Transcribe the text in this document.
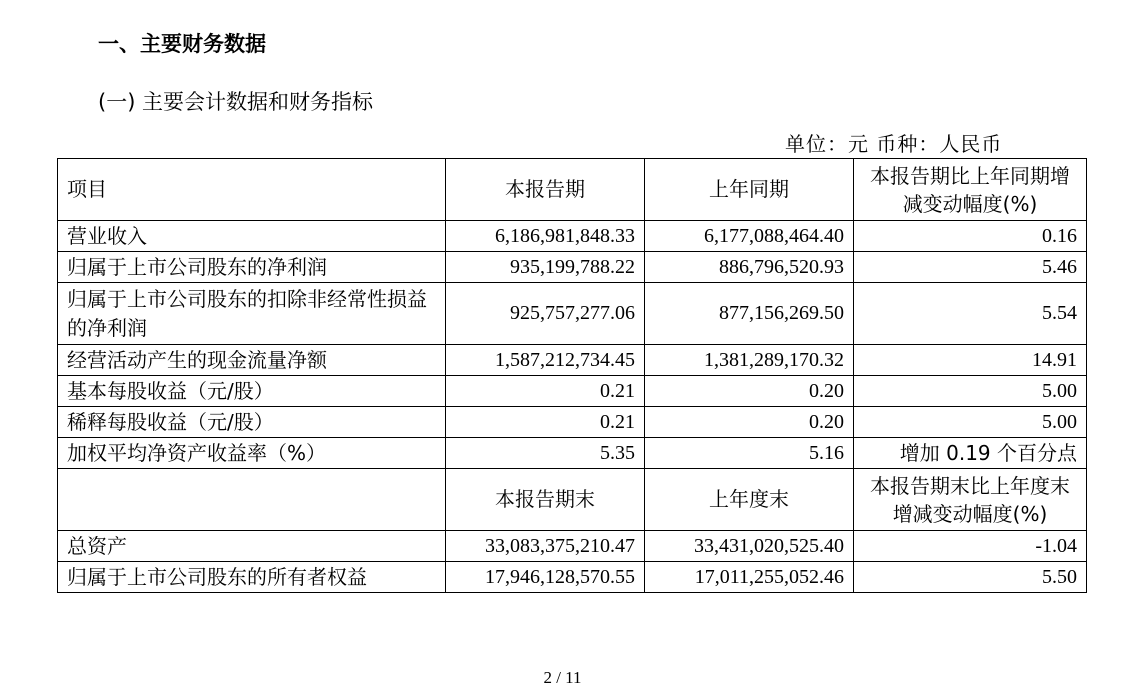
一、主要财务数据
(一) 主要会计数据和财务指标
单位：元 币种：人民币
项目	本报告期	上年同期	本报告期比上年同期增减变动幅度(%)
营业收入	6,186,981,848.33	6,177,088,464.40	0.16
归属于上市公司股东的净利润	935,199,788.22	886,796,520.93	5.46
归属于上市公司股东的扣除非经常性损益的净利润	925,757,277.06	877,156,269.50	5.54
经营活动产生的现金流量净额	1,587,212,734.45	1,381,289,170.32	14.91
基本每股收益（元/股）	0.21	0.20	5.00
稀释每股收益（元/股）	0.21	0.20	5.00
加权平均净资产收益率（%）	5.35	5.16	增加 0.19 个百分点
	本报告期末	上年度末	本报告期末比上年度末增减变动幅度(%)
总资产	33,083,375,210.47	33,431,020,525.40	-1.04
归属于上市公司股东的所有者权益	17,946,128,570.55	17,011,255,052.46	5.50
2 / 11
